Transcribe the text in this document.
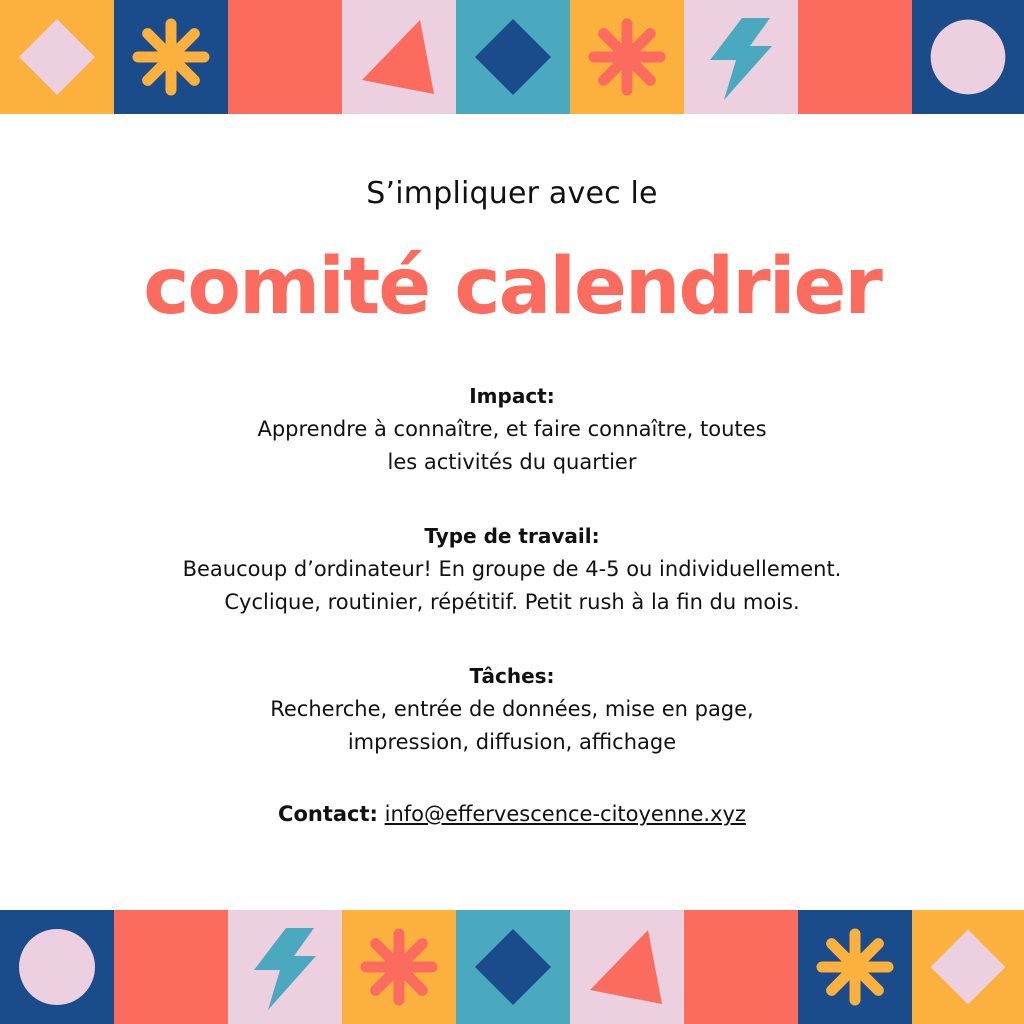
S’impliquer avec le
comité calendrier
Impact:
Apprendre à connaître, et faire connaître, toutes
les activités du quartier
Type de travail:
Beaucoup d’ordinateur! En groupe de 4-5 ou individuellement.
Cyclique, routinier, répétitif. Petit rush à la fin du mois.
Tâches:
Recherche, entrée de données, mise en page,
impression, diffusion, affichage
Contact: info@effervescence-citoyenne.xyz
